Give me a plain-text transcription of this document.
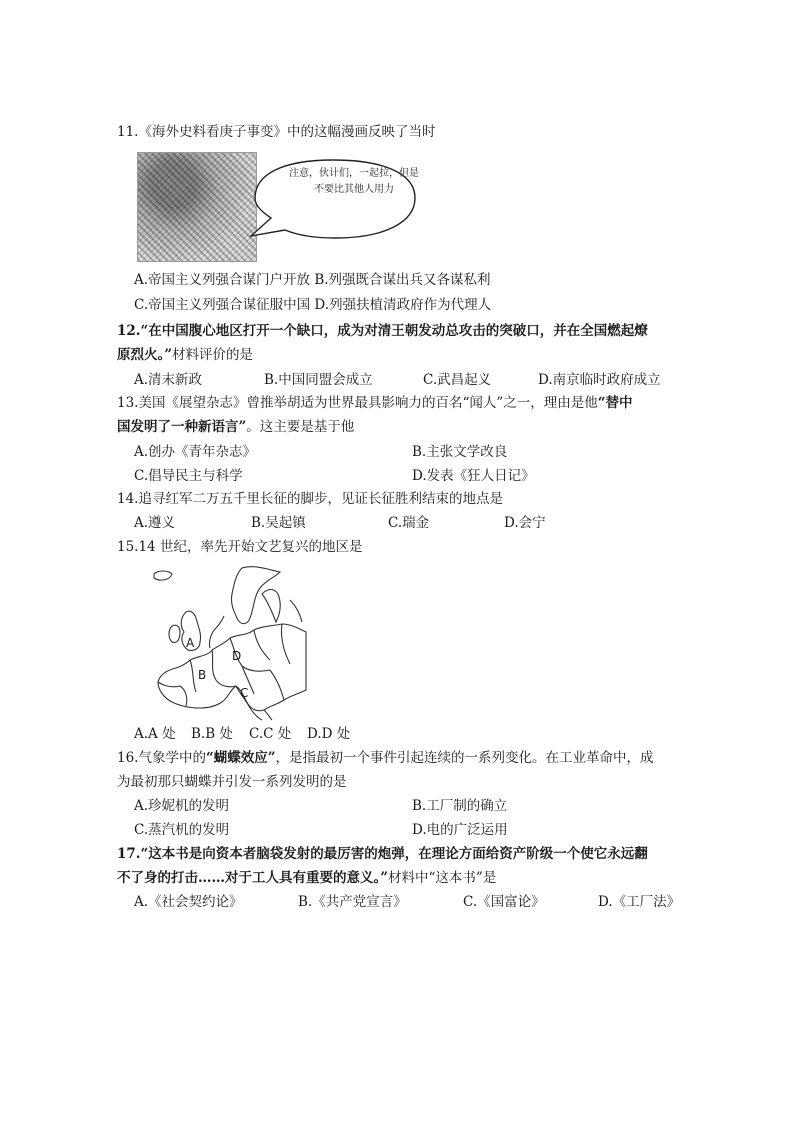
11.《海外史料看庚子事变》中的这幅漫画反映了当时
注意，伙计们，一起拉，但是不要比其他人用力
A.帝国主义列强合谋门户开放 B.列强既合谋出兵又各谋私利
C.帝国主义列强合谋征服中国 D.列强扶植清政府作为代理人
12.“在中国腹心地区打开一个缺口，成为对清王朝发动总攻击的突破口，并在全国燃起燎
原烈火。”材料评价的是
A.清末新政	B.中国同盟会成立	C.武昌起义	D.南京临时政府成立
13.美国《展望杂志》曾推举胡适为世界最具影响力的百名“闻人”之一，理由是他“替中
国发明了一种新语言”。这主要是基于他
A.创办《青年杂志》	B.主张文学改良
C.倡导民主与科学	D.发表《狂人日记》
14.追寻红军二万五千里长征的脚步，见证长征胜利结束的地点是
A.遵义	B.吴起镇	C.瑞金	D.会宁
15.14 世纪，率先开始文艺复兴的地区是
A
B
C
D
A.A 处 B.B 处 C.C 处 D.D 处
16.气象学中的“蝴蝶效应”，是指最初一个事件引起连续的一系列变化。在工业革命中，成
为最初那只蝴蝶并引发一系列发明的是
A.珍妮机的发明	B.工厂制的确立
C.蒸汽机的发明	D.电的广泛运用
17.“这本书是向资本者脑袋发射的最厉害的炮弹，在理论方面给资产阶级一个使它永远翻
不了身的打击……对于工人具有重要的意义。”材料中“这本书”是
A.《社会契约论》	B.《共产党宣言》	C.《国富论》	D.《工厂法》
